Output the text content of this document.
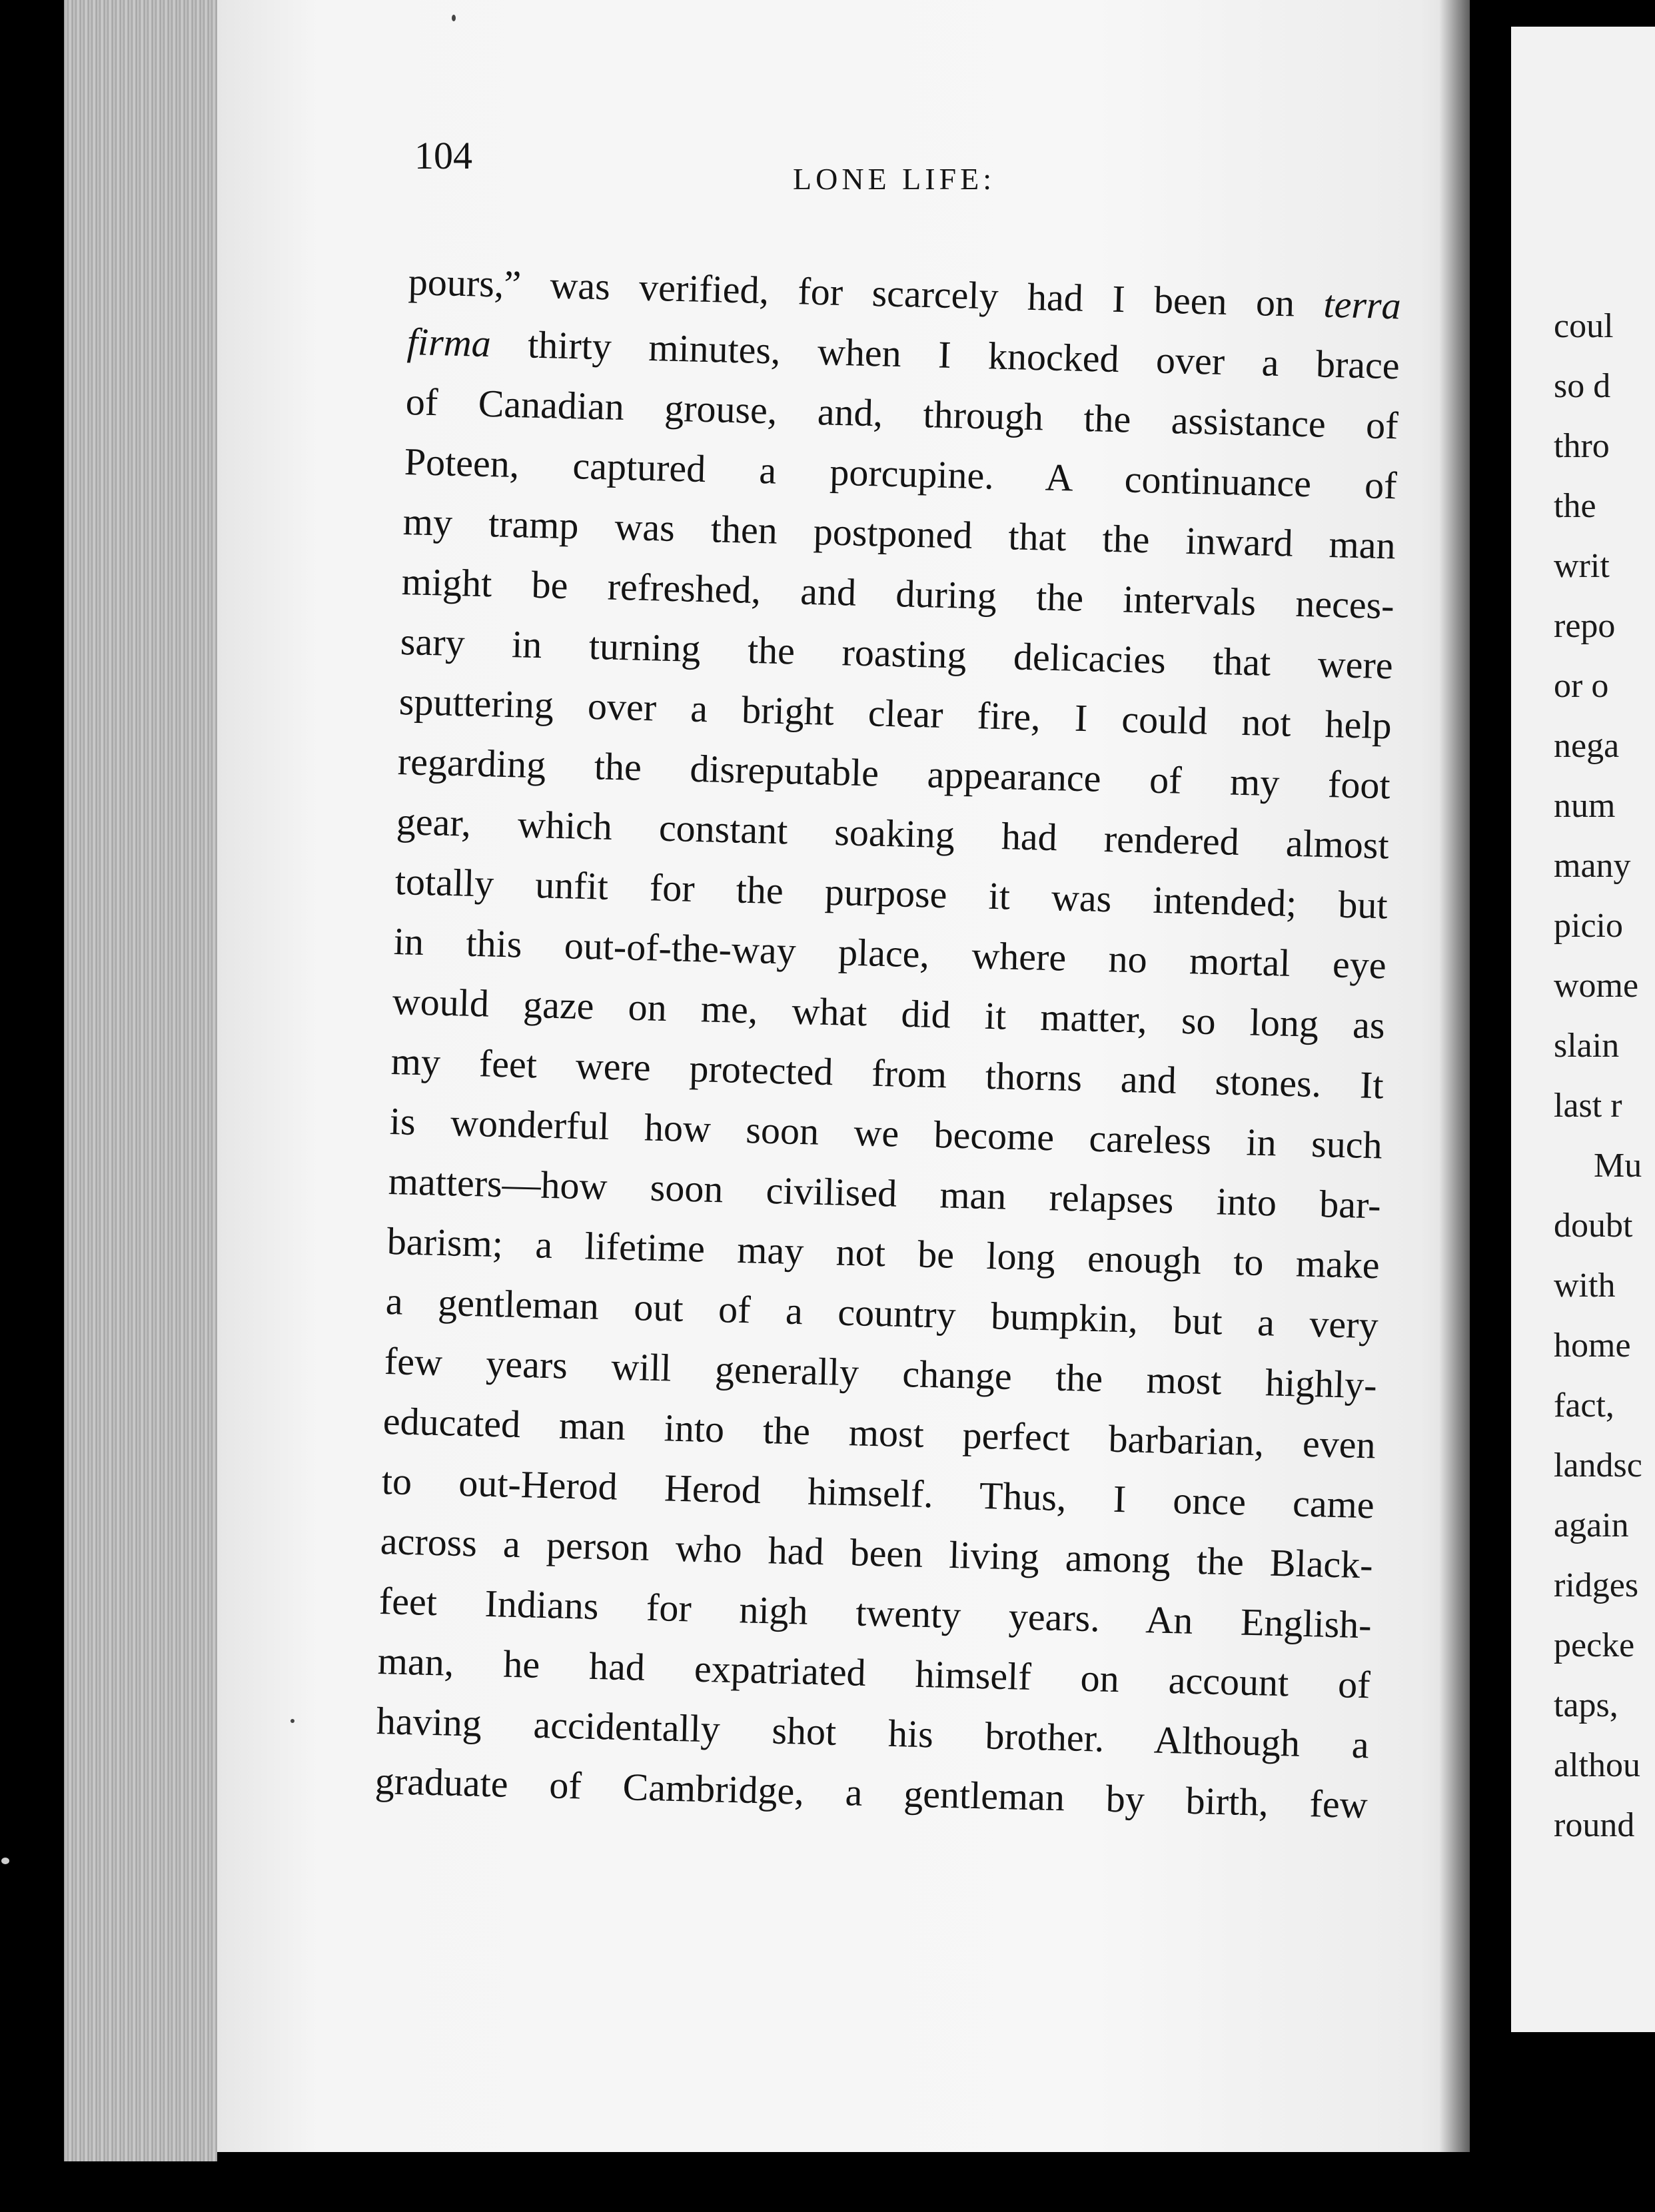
104
LONE LIFE:
pours,” was verified, for scarcely had I been on terra
firma thirty minutes, when I knocked over a brace
of Canadian grouse, and, through the assistance of
Poteen, captured a porcupine. A continuance of
my tramp was then postponed that the inward man
might be refreshed, and during the intervals neces-
sary in turning the roasting delicacies that were
sputtering over a bright clear fire, I could not help
regarding the disreputable appearance of my foot
gear, which constant soaking had rendered almost
totally unfit for the purpose it was intended; but
in this out-of-the-way place, where no mortal eye
would gaze on me, what did it matter, so long as
my feet were protected from thorns and stones. It
is wonderful how soon we become careless in such
matters—how soon civilised man relapses into bar-
barism; a lifetime may not be long enough to make
a gentleman out of a country bumpkin, but a very
few years will generally change the most highly-
educated man into the most perfect barbarian, even
to out-Herod Herod himself. Thus, I once came
across a person who had been living among the Black-
feet Indians for nigh twenty years. An English-
man, he had expatriated himself on account of
having accidentally shot his brother. Although a
graduate of Cambridge, a gentleman by birth, few
coul
so d
thro
the
writ
repo
or o
nega
num
many
picio
wome
slain
last r
Mu
doubt
with
home
fact,
landsc
again
ridges
pecke
taps,
althou
round
